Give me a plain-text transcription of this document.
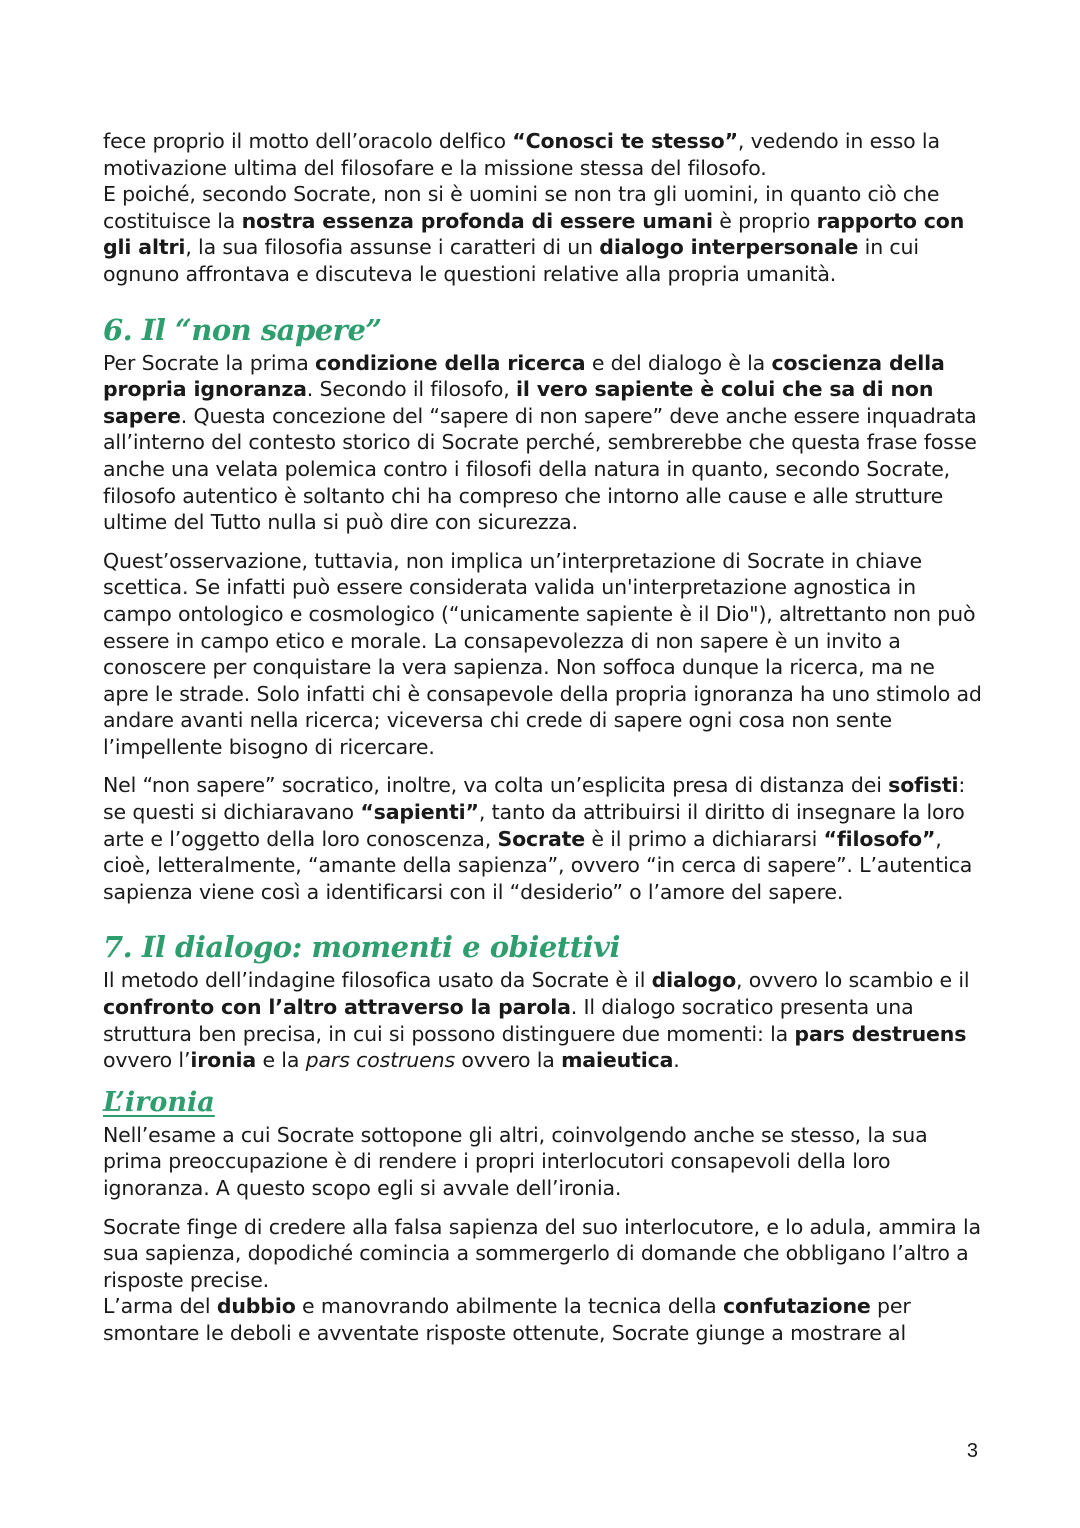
fece proprio il motto dell’oracolo delfico “Conosci te stesso”, vedendo in esso la motivazione ultima del filosofare e la missione stessa del filosofo.

E poiché, secondo Socrate, non si è uomini se non tra gli uomini, in quanto ciò che costituisce la nostra essenza profonda di essere umani è proprio rapporto con gli altri, la sua filosofia assunse i caratteri di un dialogo interpersonale in cui ognuno affrontava e discuteva le questioni relative alla propria umanità.

6. Il “non sapere”

Per Socrate la prima condizione della ricerca e del dialogo è la coscienza della propria ignoranza. Secondo il filosofo, il vero sapiente è colui che sa di non sapere. Questa concezione del “sapere di non sapere” deve anche essere inquadrata all’interno del contesto storico di Socrate perché, sembrerebbe che questa frase fosse anche una velata polemica contro i filosofi della natura in quanto, secondo Socrate, filosofo autentico è soltanto chi ha compreso che intorno alle cause e alle strutture ultime del Tutto nulla si può dire con sicurezza.

Quest’osservazione, tuttavia, non implica un’interpretazione di Socrate in chiave scettica. Se infatti può essere considerata valida un'interpretazione agnostica in campo ontologico e cosmologico (“unicamente sapiente è il Dio"), altrettanto non può essere in campo etico e morale. La consapevolezza di non sapere è un invito a conoscere per conquistare la vera sapienza. Non soffoca dunque la ricerca, ma ne apre le strade. Solo infatti chi è consapevole della propria ignoranza ha uno stimolo ad andare avanti nella ricerca; viceversa chi crede di sapere ogni cosa non sente l’impellente bisogno di ricercare.

Nel “non sapere” socratico, inoltre, va colta un’esplicita presa di distanza dei sofisti: se questi si dichiaravano “sapienti”, tanto da attribuirsi il diritto di insegnare la loro arte e l’oggetto della loro conoscenza, Socrate è il primo a dichiararsi “filosofo”, cioè, letteralmente, “amante della sapienza”, ovvero “in cerca di sapere”. L’autentica sapienza viene così a identificarsi con il “desiderio” o l’amore del sapere.

7. Il dialogo: momenti e obiettivi

Il metodo dell’indagine filosofica usato da Socrate è il dialogo, ovvero lo scambio e il confronto con l’altro attraverso la parola. Il dialogo socratico presenta una struttura ben precisa, in cui si possono distinguere due momenti: la pars destruens ovvero l’ironia e la pars costruens ovvero la maieutica.

L’ironia

Nell’esame a cui Socrate sottopone gli altri, coinvolgendo anche se stesso, la sua prima preoccupazione è di rendere i propri interlocutori consapevoli della loro ignoranza. A questo scopo egli si avvale dell’ironia.

Socrate finge di credere alla falsa sapienza del suo interlocutore, e lo adula, ammira la sua sapienza, dopodiché comincia a sommergerlo di domande che obbligano l’altro a risposte precise.

L’arma del dubbio e manovrando abilmente la tecnica della confutazione per smontare le deboli e avventate risposte ottenute, Socrate giunge a mostrare al

3
